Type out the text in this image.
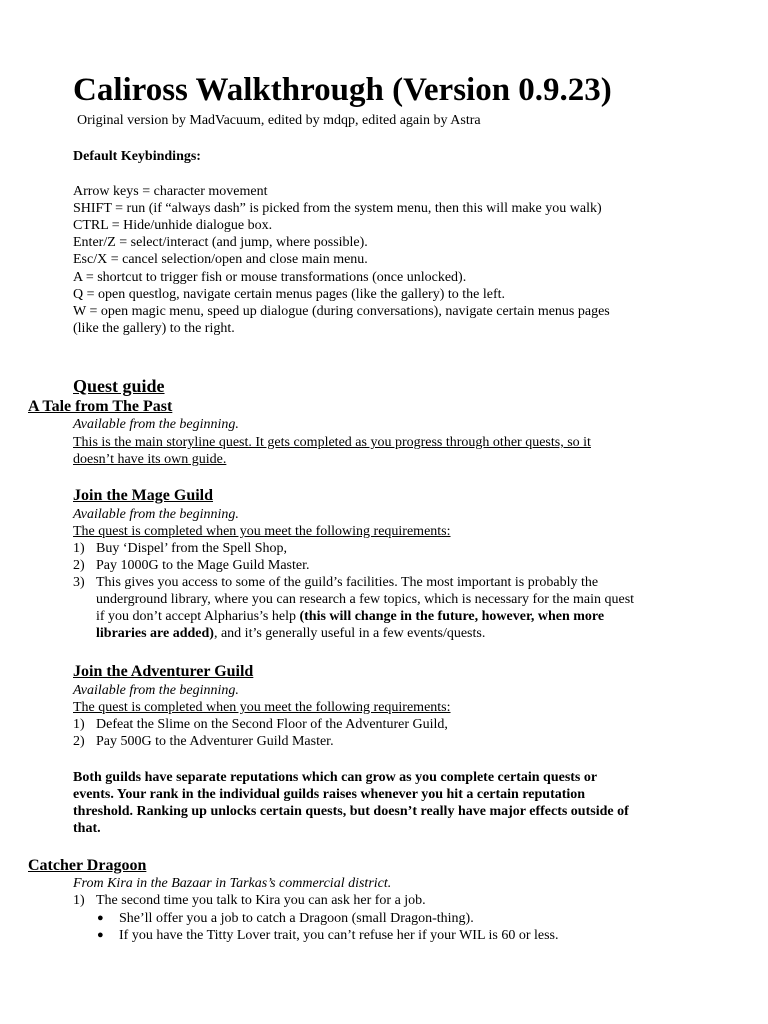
Caliross Walkthrough (Version 0.9.23)
Original version by MadVacuum, edited by mdqp, edited again by Astra
Default Keybindings:
Arrow keys = character movement
SHIFT = run (if “always dash” is picked from the system menu, then this will make you walk)
CTRL = Hide/unhide dialogue box.
Enter/Z = select/interact (and jump, where possible).
Esc/X = cancel selection/open and close main menu.
A = shortcut to trigger fish or mouse transformations (once unlocked).
Q = open questlog, navigate certain menus pages (like the gallery) to the left.
W = open magic menu, speed up dialogue (during conversations), navigate certain menus pages
(like the gallery) to the right.
Quest guide
A Tale from The Past
Available from the beginning.
This is the main storyline quest. It gets completed as you progress through other quests, so it
doesn’t have its own guide.
Join the Mage Guild
Available from the beginning.
The quest is completed when you meet the following requirements:
1) Buy ‘Dispel’ from the Spell Shop,
2) Pay 1000G to the Mage Guild Master.
3) This gives you access to some of the guild’s facilities. The most important is probably the
underground library, where you can research a few topics, which is necessary for the main quest
if you don’t accept Alpharius’s help (this will change in the future, however, when more
libraries are added), and it’s generally useful in a few events/quests.
Join the Adventurer Guild
Available from the beginning.
The quest is completed when you meet the following requirements:
1) Defeat the Slime on the Second Floor of the Adventurer Guild,
2) Pay 500G to the Adventurer Guild Master.
Both guilds have separate reputations which can grow as you complete certain quests or
events. Your rank in the individual guilds raises whenever you hit a certain reputation
threshold. Ranking up unlocks certain quests, but doesn’t really have major effects outside of
that.
Catcher Dragoon
From Kira in the Bazaar in Tarkas’s commercial district.
1) The second time you talk to Kira you can ask her for a job.
● She’ll offer you a job to catch a Dragoon (small Dragon-thing).
● If you have the Titty Lover trait, you can’t refuse her if your WIL is 60 or less.
